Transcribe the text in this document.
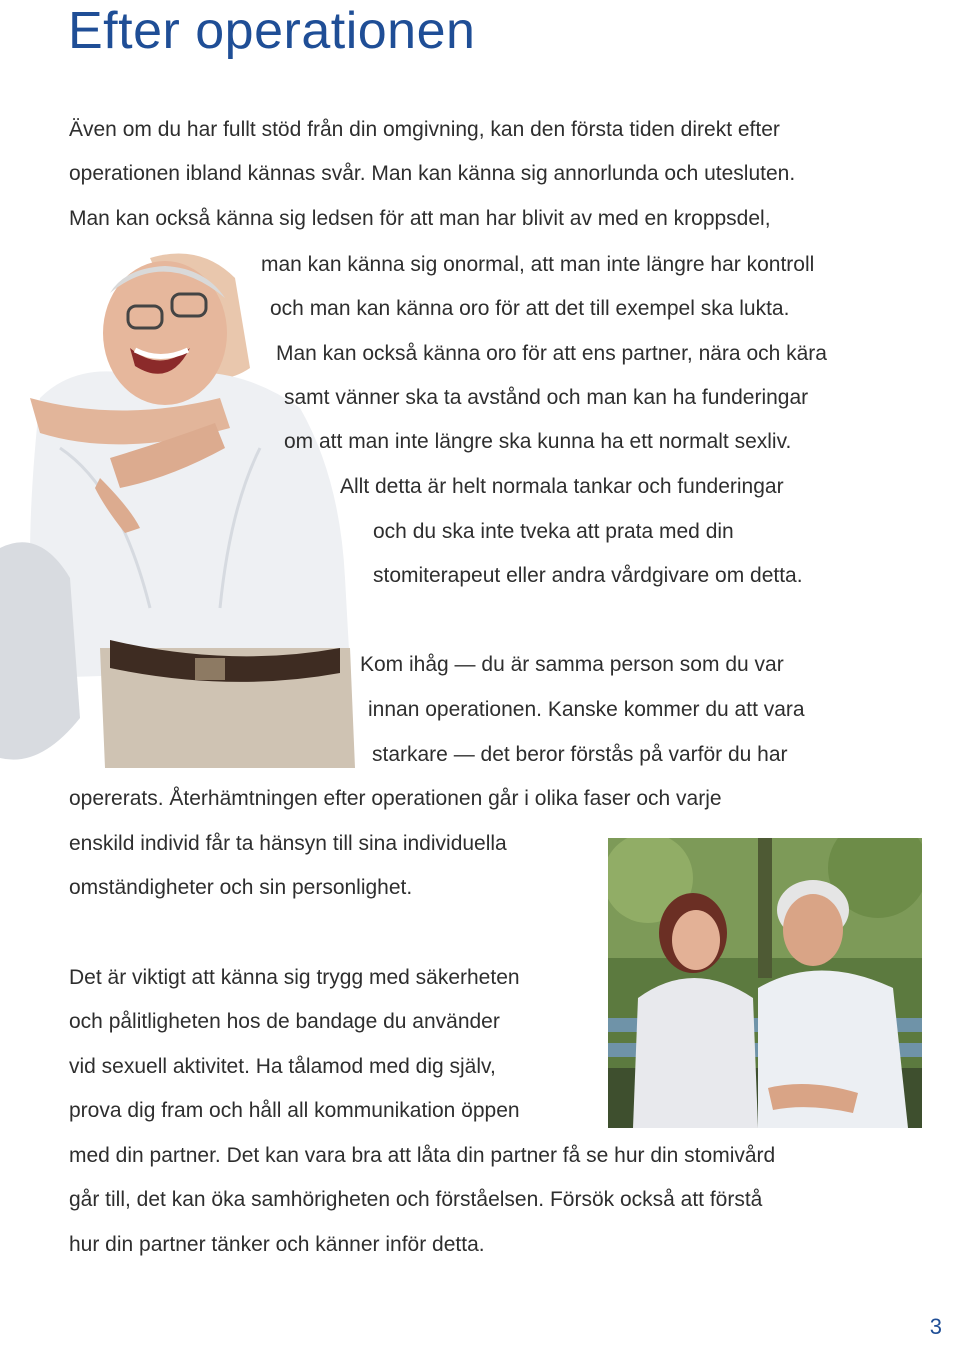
Efter operationen

Även om du har fullt stöd från din omgivning, kan den första tiden direkt efter

operationen ibland kännas svår. Man kan känna sig annorlunda och utesluten.

Man kan också känna sig ledsen för att man har blivit av med en kroppsdel,

man kan känna sig onormal, att man inte längre har kontroll

och man kan känna oro för att det till exempel ska lukta.

Man kan också känna oro för att ens partner, nära och kära

samt vänner ska ta avstånd och man kan ha funderingar

om att man inte längre ska kunna ha ett normalt sexliv.

Allt detta är helt normala tankar och funderingar

och du ska inte tveka att prata med din

stomiterapeut eller andra vårdgivare om detta.

Kom ihåg — du är samma person som du var

innan operationen. Kanske kommer du att vara

starkare — det beror förstås på varför du har

opererats. Återhämtningen efter operationen går i olika faser och varje

enskild individ får ta hänsyn till sina individuella

omständigheter och sin personlighet.

Det är viktigt att känna sig trygg med säkerheten

och pålitligheten hos de bandage du använder

vid sexuell aktivitet. Ha tålamod med dig själv,

prova dig fram och håll all kommunikation öppen

med din partner. Det kan vara bra att låta din partner få se hur din stomivård

går till, det kan öka samhörigheten och förståelsen. Försök också att förstå

hur din partner tänker och känner inför detta.

3
